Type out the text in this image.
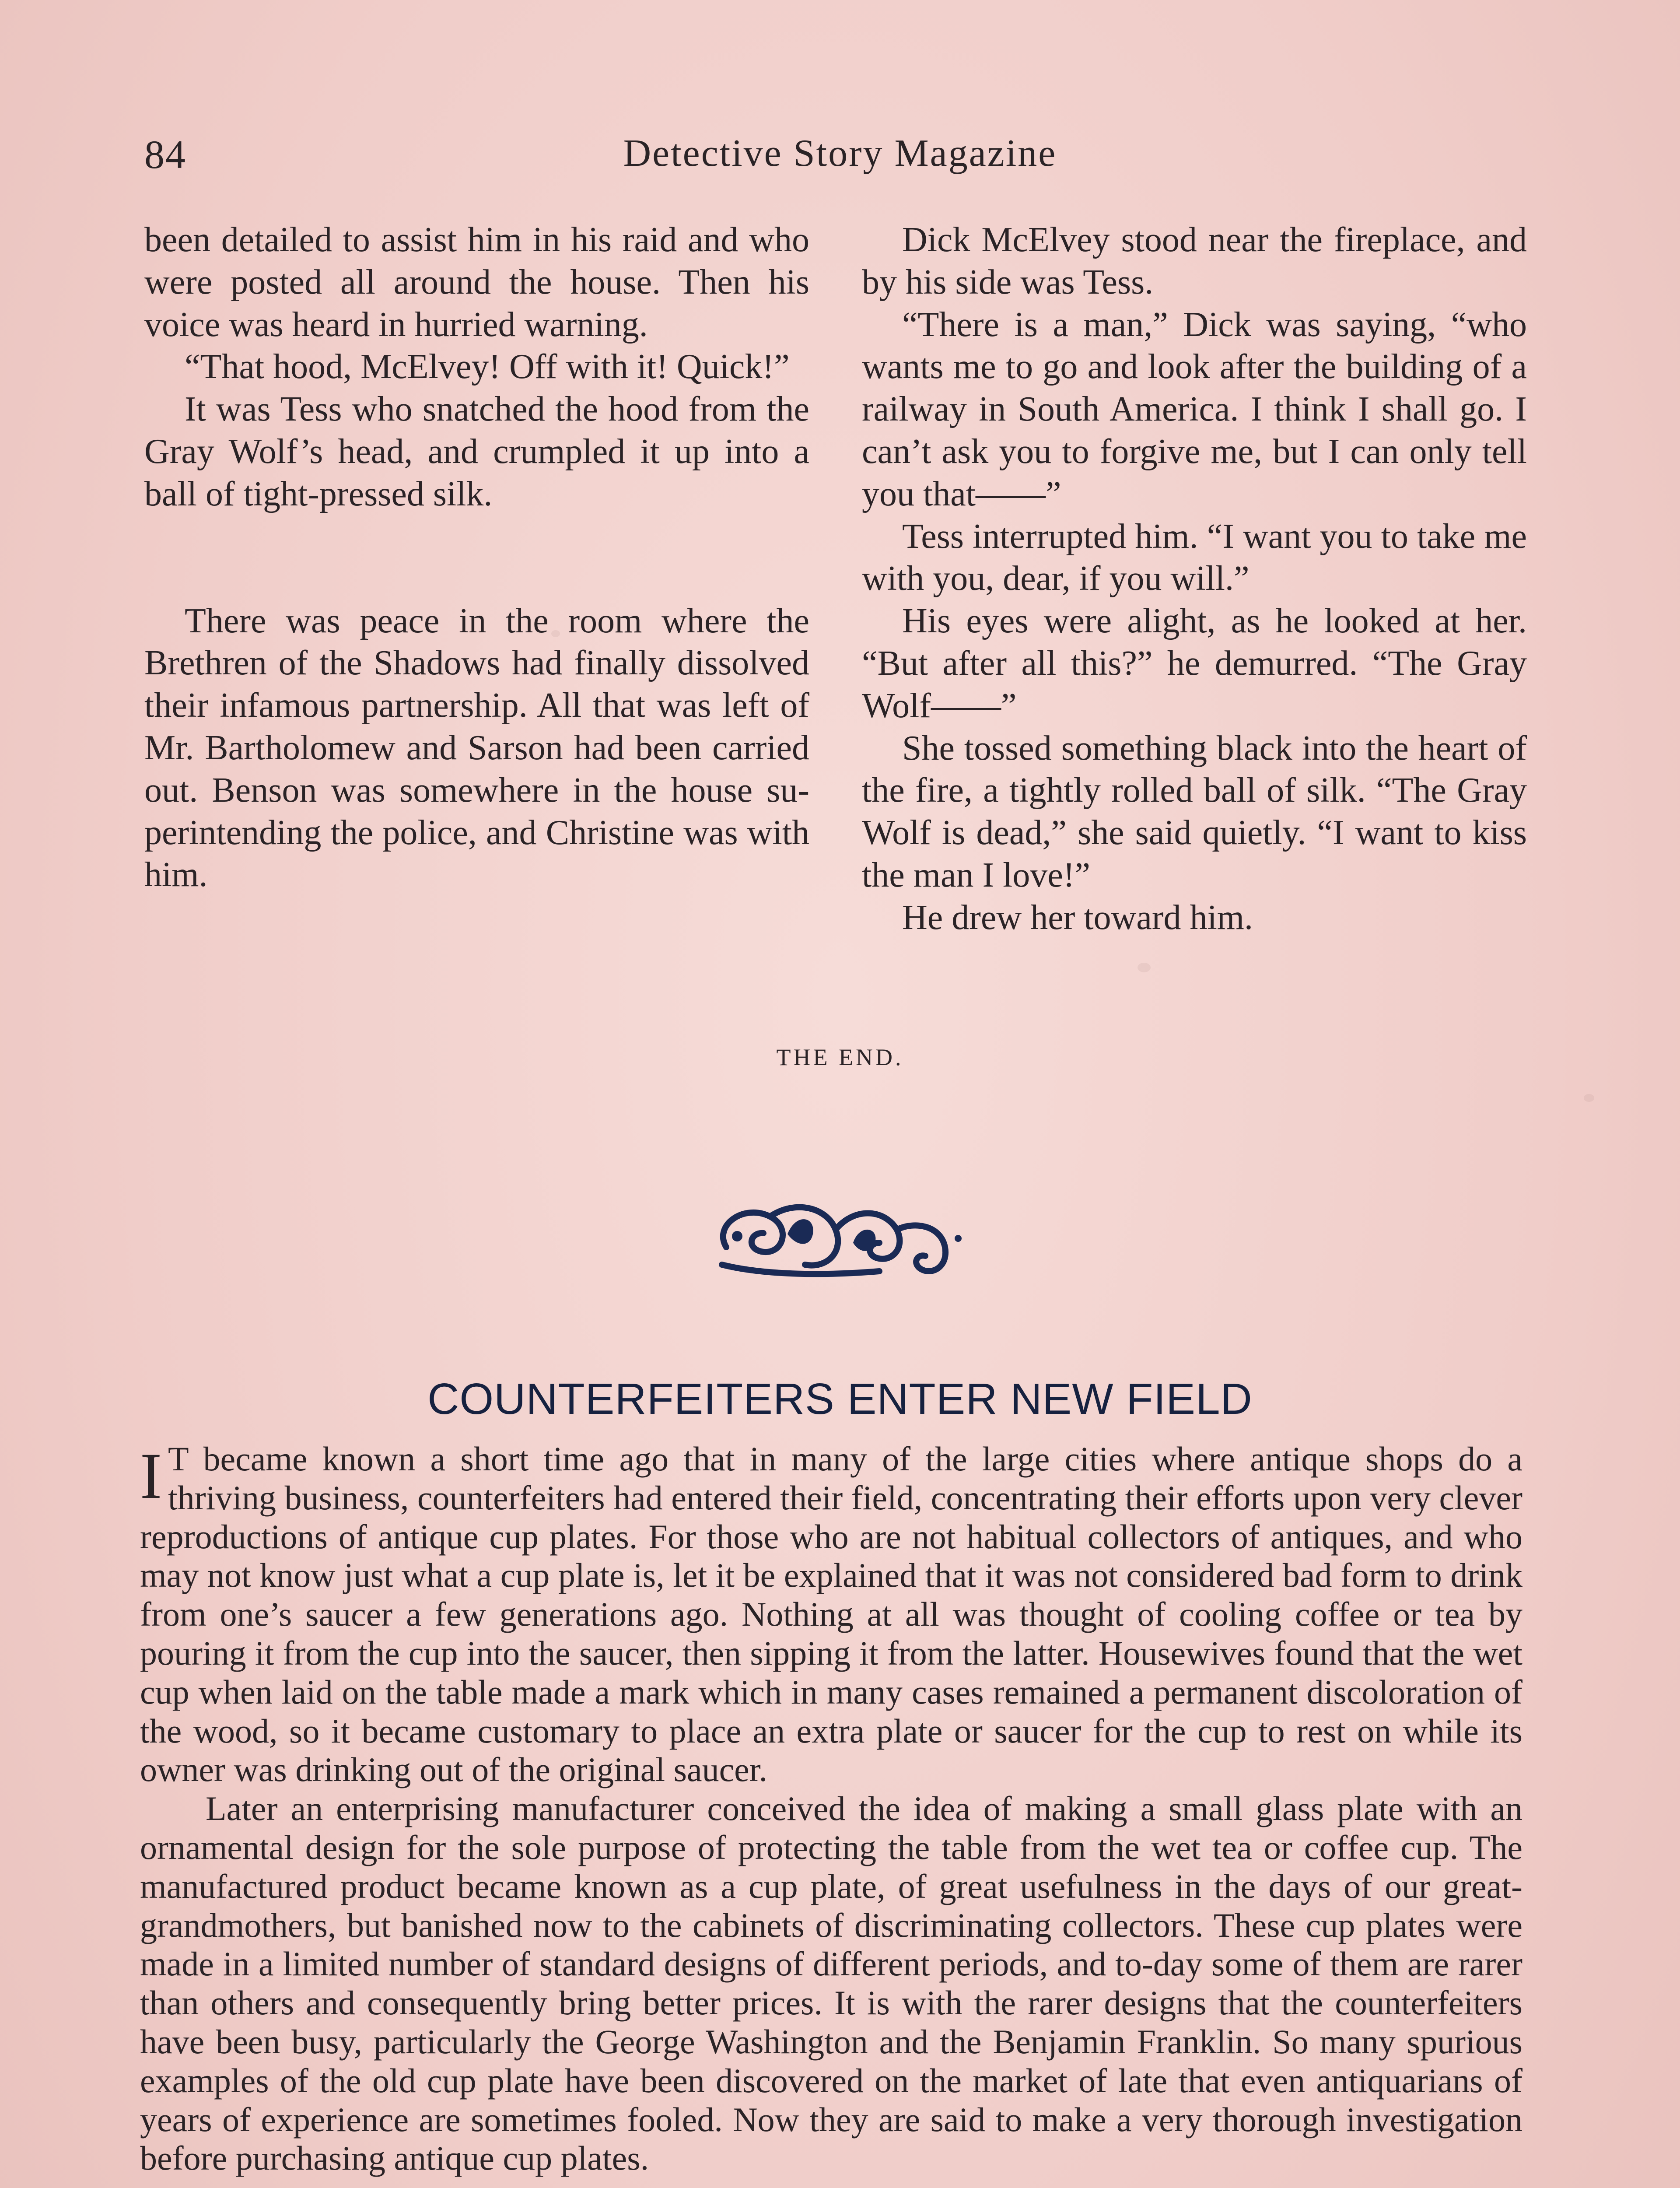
84	Detective Story Magazine

been detailed to assist him in his raid and who were posted all around the house. Then his voice was heard in hurried warning.

“That hood, McElvey! Off with it! Quick!”

It was Tess who snatched the hood from the Gray Wolf’s head, and crumpled it up into a ball of tight-pressed silk.

There was peace in the room where the Brethren of the Shadows had finally dissolved their infamous partnership. All that was left of Mr. Bartholomew and Sarson had been carried out. Benson was somewhere in the house superintending the police, and Christine was with him.

Dick McElvey stood near the fireplace, and by his side was Tess.

“There is a man,” Dick was saying, “who wants me to go and look after the building of a railway in South America. I think I shall go. I can’t ask you to forgive me, but I can only tell you that——”

Tess interrupted him. “I want you to take me with you, dear, if you will.”

His eyes were alight, as he looked at her. “But after all this?” he demurred. “The Gray Wolf——”

She tossed something black into the heart of the fire, a tightly rolled ball of silk. “The Gray Wolf is dead,” she said quietly. “I want to kiss the man I love!”

He drew her toward him.

THE END.
COUNTERFEITERS ENTER NEW FIELD

I T became known a short time ago that in many of the large cities where antique shops do a thriving business, counterfeiters had entered their field, concentrating their efforts upon very clever reproductions of antique cup plates. For those who are not habitual collectors of antiques, and who may not know just what a cup plate is, let it be explained that it was not considered bad form to drink from one’s saucer a few generations ago. Nothing at all was thought of cooling coffee or tea by pouring it from the cup into the saucer, then sipping it from the latter. Housewives found that the wet cup when laid on the table made a mark which in many cases remained a permanent discoloration of the wood, so it became customary to place an extra plate or saucer for the cup to rest on while its owner was drinking out of the original saucer.

Later an enterprising manufacturer conceived the idea of making a small glass plate with an ornamental design for the sole purpose of protecting the table from the wet tea or coffee cup. The manufactured product became known as a cup plate, of great usefulness in the days of our great-grandmothers, but banished now to the cabinets of discriminating collectors. These cup plates were made in a limited number of standard designs of different periods, and to-day some of them are rarer than others and consequently bring better prices. It is with the rarer designs that the counterfeiters have been busy, particularly the George Washington and the Benjamin Franklin. So many spurious examples of the old cup plate have been discovered on the market of late that even antiquarians of years of experience are sometimes fooled. Now they are said to make a very thorough investigation before purchasing antique cup plates.
